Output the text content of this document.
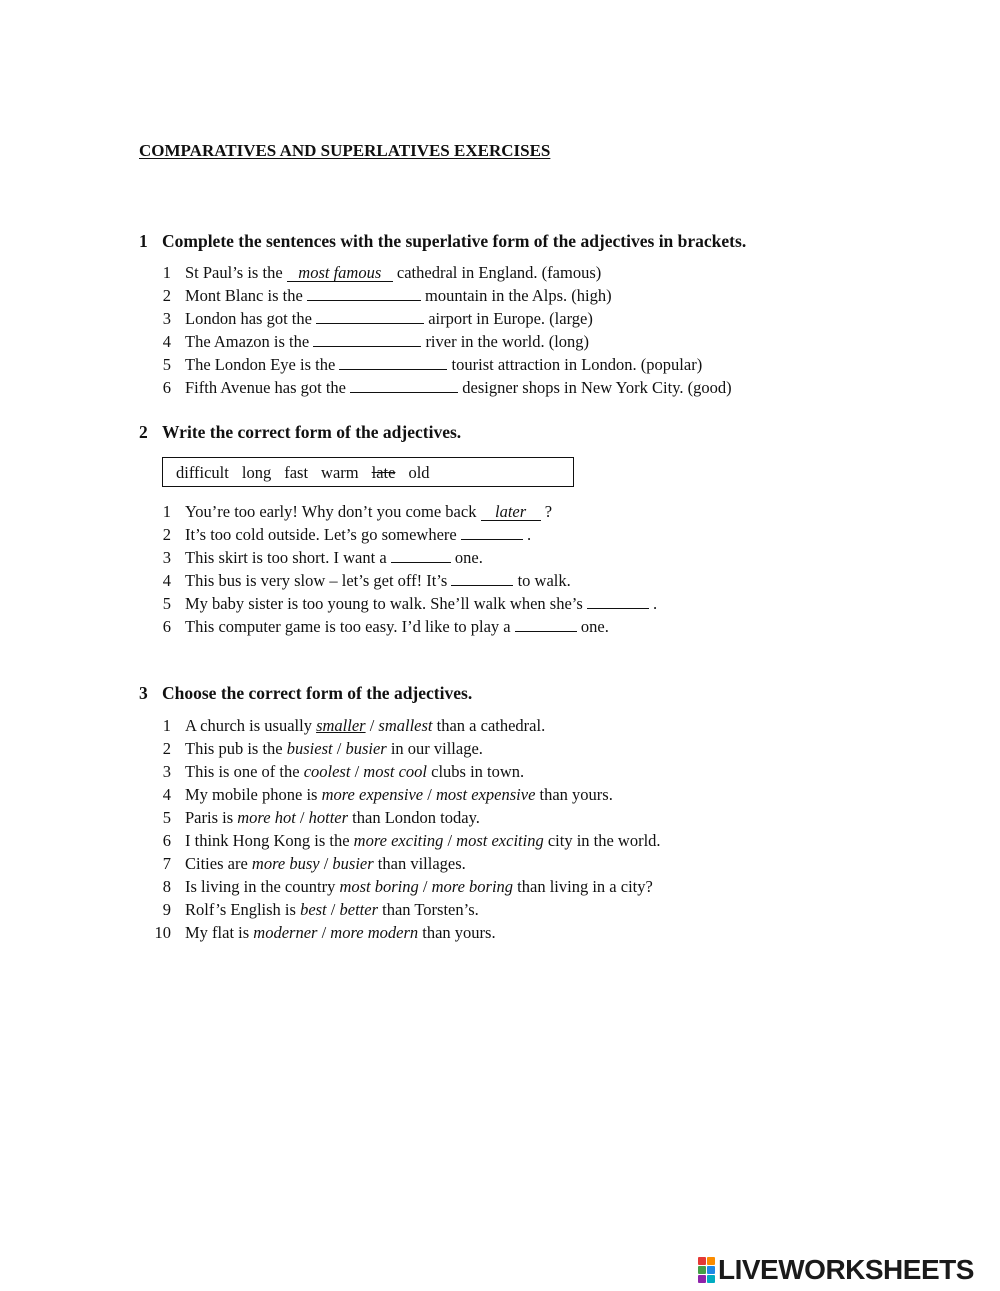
COMPARATIVES AND SUPERLATIVES EXERCISES
1 Complete the sentences with the superlative form of the adjectives in brackets.
1 St Paul’s is the most famous cathedral in England. (famous)
2 Mont Blanc is the	mountain in the Alps. (high)
3 London has got the	airport in Europe. (large)
4 The Amazon is the	river in the world. (long)
5 The London Eye is the	tourist attraction in London. (popular)
6 Fifth Avenue has got the	designer shops in New York City. (good)
2 Write the correct form of the adjectives.
difficult long fast warm late old
1 You’re too early! Why don’t you come back later ?
2 It’s too cold outside. Let’s go somewhere	.
3 This skirt is too short. I want a	one.
4 This bus is very slow – let’s get off! It’s	to walk.
5 My baby sister is too young to walk. She’ll walk when she’s	.
6 This computer game is too easy. I’d like to play a	one.
3 Choose the correct form of the adjectives.
1 A church is usually smaller / smallest than a cathedral.
2 This pub is the busiest / busier in our village.
3 This is one of the coolest / most cool clubs in town.
4 My mobile phone is more expensive / most expensive than yours.
5 Paris is more hot / hotter than London today.
6 I think Hong Kong is the more exciting / most exciting city in the world.
7 Cities are more busy / busier than villages.
8 Is living in the country most boring / more boring than living in a city?
9 Rolf’s English is best / better than Torsten’s.
10 My flat is modern​er / more modern than yours.
LIVEWORKSHEETS
